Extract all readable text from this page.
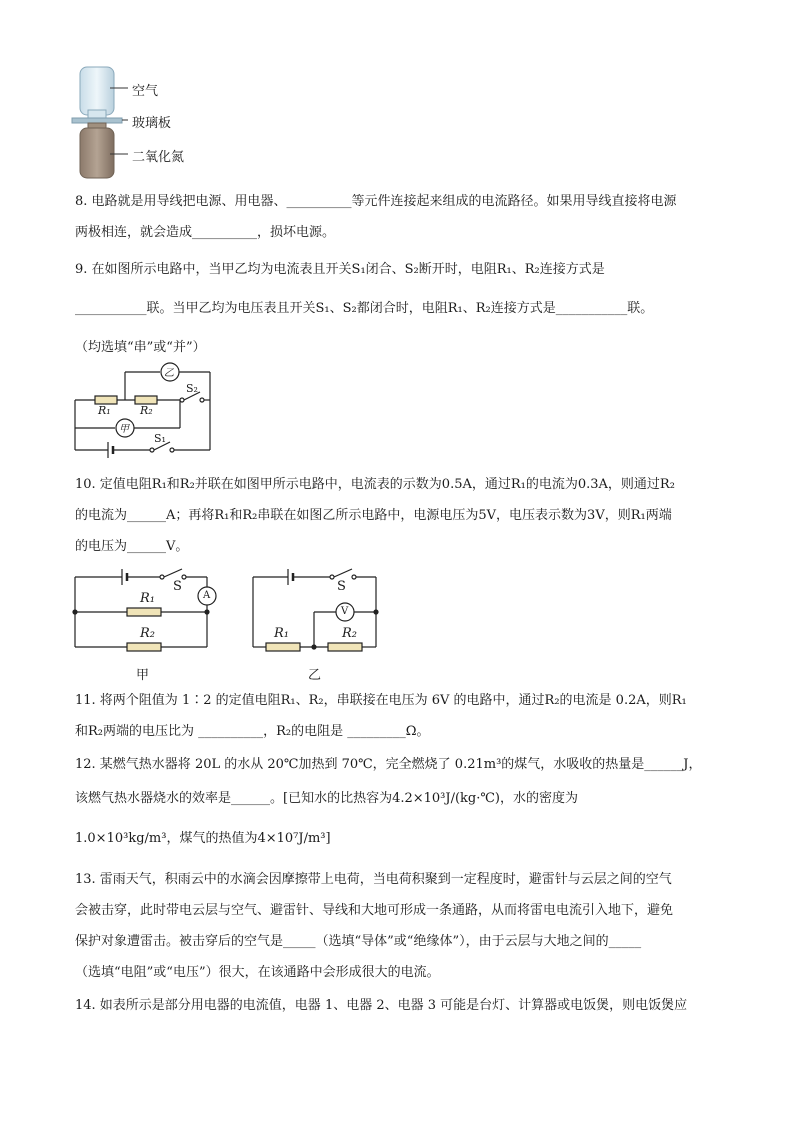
空气
玻璃板
二氧化氮
8. 电路就是用导线把电源、用电器、__________等元件连接起来组成的电流路径。如果用导线直接将电源
两极相连，就会造成__________，损坏电源。
9. 在如图所示电路中，当甲乙均为电流表且开关S₁闭合、S₂断开时，电阻R₁、R₂连接方式是
___________联。当甲乙均为电压表且开关S₁、S₂都闭合时，电阻R₁、R₂连接方式是___________联。
（均选填“串”或“并”）
乙
甲
R₁	R₂
S₂
S₁
10. 定值电阻R₁和R₂并联在如图甲所示电路中，电流表的示数为0.5A，通过R₁的电流为0.3A，则通过R₂
的电流为______A；再将R₁和R₂串联在如图乙所示电路中，电源电压为5V，电压表示数为3V，则R₁两端
的电压为______V。
S
A
R₁
R₂
甲
S
V
R₁	R₂
乙
11. 将两个阻值为 1∶2 的定值电阻R₁、R₂，串联接在电压为 6V 的电路中，通过R₂的电流是 0.2A，则R₁
和R₂两端的电压比为 __________，R₂的电阻是 _________Ω。
12. 某燃气热水器将 20L 的水从 20℃加热到 70℃，完全燃烧了 0.21m³的煤气，水吸收的热量是______J，
该燃气热水器烧水的效率是______。[已知水的比热容为4.2×10³J/(kg·℃)，水的密度为
1.0×10³kg/m³，煤气的热值为4×10⁷J/m³]
13. 雷雨天气，积雨云中的水滴会因摩擦带上电荷，当电荷积聚到一定程度时，避雷针与云层之间的空气
会被击穿，此时带电云层与空气、避雷针、导线和大地可形成一条通路，从而将雷电电流引入地下，避免
保护对象遭雷击。被击穿后的空气是_____（选填“导体”或“绝缘体”），由于云层与大地之间的_____
（选填“电阻”或“电压”）很大，在该通路中会形成很大的电流。
14. 如表所示是部分用电器的电流值，电器 1、电器 2、电器 3 可能是台灯、计算器或电饭煲，则电饭煲应
